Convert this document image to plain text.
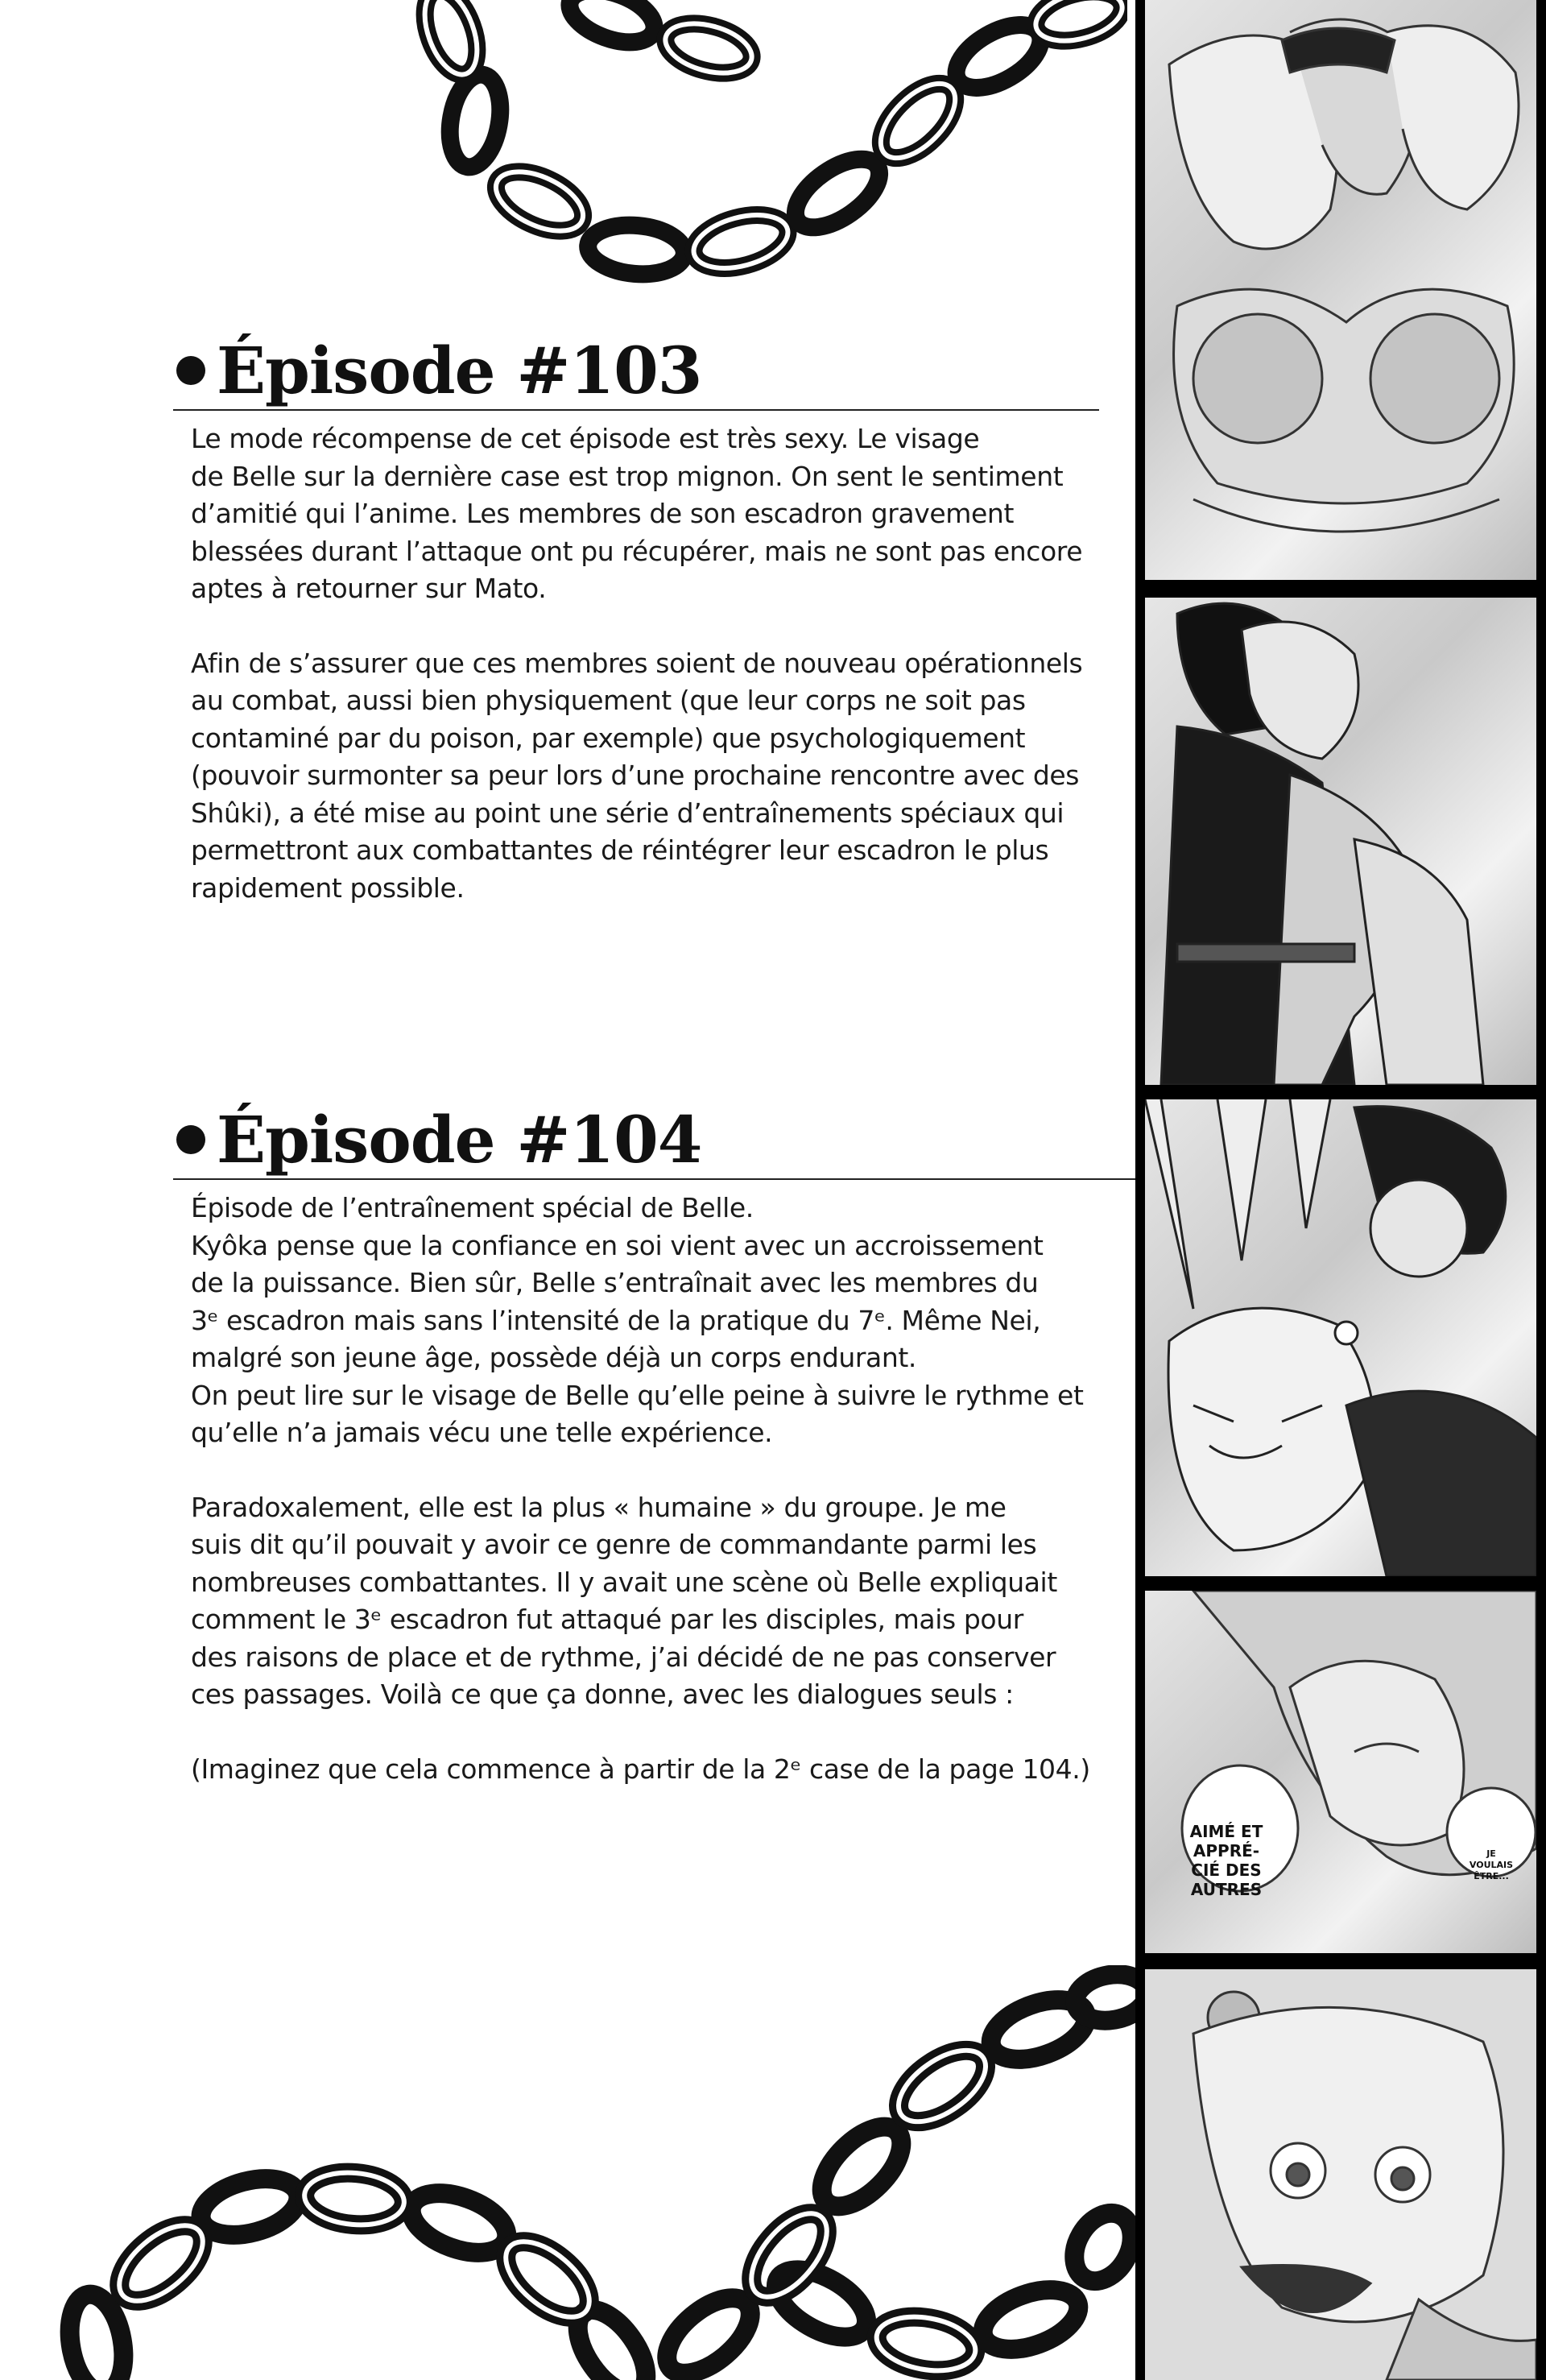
Épisode #103

Le mode récompense de cet épisode est très sexy. Le visage
de Belle sur la dernière case est trop mignon. On sent le sentiment
d’amitié qui l’anime. Les membres de son escadron gravement
blessées durant l’attaque ont pu récupérer, mais ne sont pas encore
aptes à retourner sur Mato.

Afin de s’assurer que ces membres soient de nouveau opérationnels
au combat, aussi bien physiquement (que leur corps ne soit pas
contaminé par du poison, par exemple) que psychologiquement
(pouvoir surmonter sa peur lors d’une prochaine rencontre avec des
Shûki), a été mise au point une série d’entraînements spéciaux qui
permettront aux combattantes de réintégrer leur escadron le plus
rapidement possible.

Épisode #104

Épisode de l’entraînement spécial de Belle.
Kyôka pense que la confiance en soi vient avec un accroissement
de la puissance. Bien sûr, Belle s’entraînait avec les membres du
3ᵉ escadron mais sans l’intensité de la pratique du 7ᵉ. Même Nei,
malgré son jeune âge, possède déjà un corps endurant.
On peut lire sur le visage de Belle qu’elle peine à suivre le rythme et
qu’elle n’a jamais vécu une telle expérience.

Paradoxalement, elle est la plus « humaine » du groupe. Je me
suis dit qu’il pouvait y avoir ce genre de commandante parmi les
nombreuses combattantes. Il y avait une scène où Belle expliquait
comment le 3ᵉ escadron fut attaqué par les disciples, mais pour
des raisons de place et de rythme, j’ai décidé de ne pas conserver
ces passages. Voilà ce que ça donne, avec les dialogues seuls :

(Imaginez que cela commence à partir de la 2ᵉ case de la page 104.)

AIMÉ ET
APPRÉ-
CIÉ DES
AUTRES
JE
VOULAIS
ÊTRE...
